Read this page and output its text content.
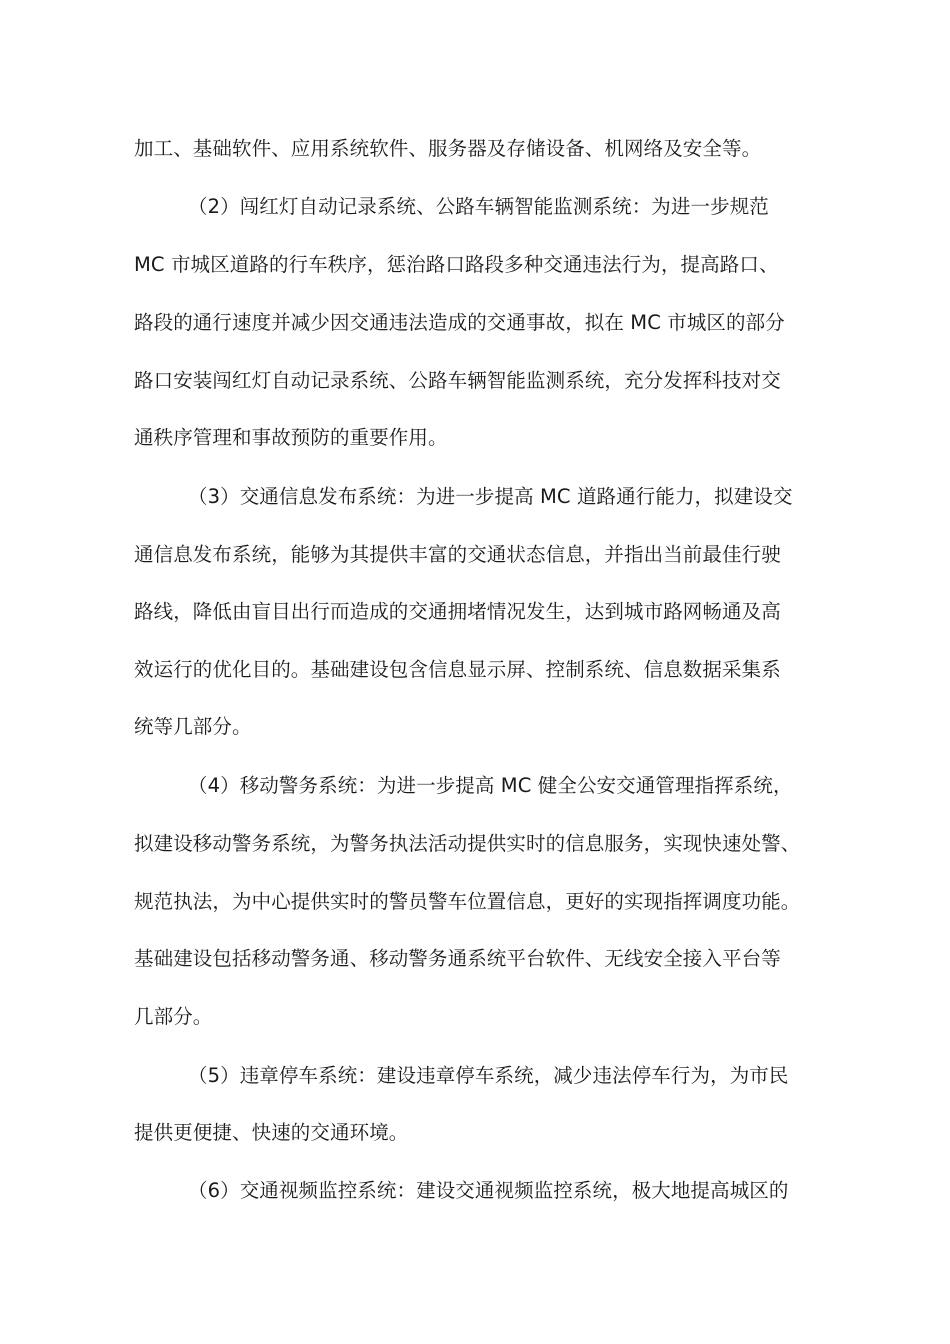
加工、基础软件、应用系统软件、服务器及存储设备、机网络及安全等。
（2）闯红灯自动记录系统、公路车辆智能监测系统：为进一步规范
MC 市城区道路的行车秩序，惩治路口路段多种交通违法行为，提高路口、
路段的通行速度并减少因交通违法造成的交通事故，拟在 MC 市城区的部分
路口安装闯红灯自动记录系统、公路车辆智能监测系统，充分发挥科技对交
通秩序管理和事故预防的重要作用。
（3）交通信息发布系统：为进一步提高 MC 道路通行能力，拟建设交
通信息发布系统，能够为其提供丰富的交通状态信息，并指出当前最佳行驶
路线，降低由盲目出行而造成的交通拥堵情况发生，达到城市路网畅通及高
效运行的优化目的。基础建设包含信息显示屏、控制系统、信息数据采集系
统等几部分。
（4）移动警务系统：为进一步提高 MC 健全公安交通管理指挥系统，
拟建设移动警务系统，为警务执法活动提供实时的信息服务，实现快速处警、
规范执法，为中心提供实时的警员警车位置信息，更好的实现指挥调度功能。
基础建设包括移动警务通、移动警务通系统平台软件、无线安全接入平台等
几部分。
（5）违章停车系统：建设违章停车系统，减少违法停车行为，为市民
提供更便捷、快速的交通环境。
（6）交通视频监控系统：建设交通视频监控系统，极大地提高城区的
